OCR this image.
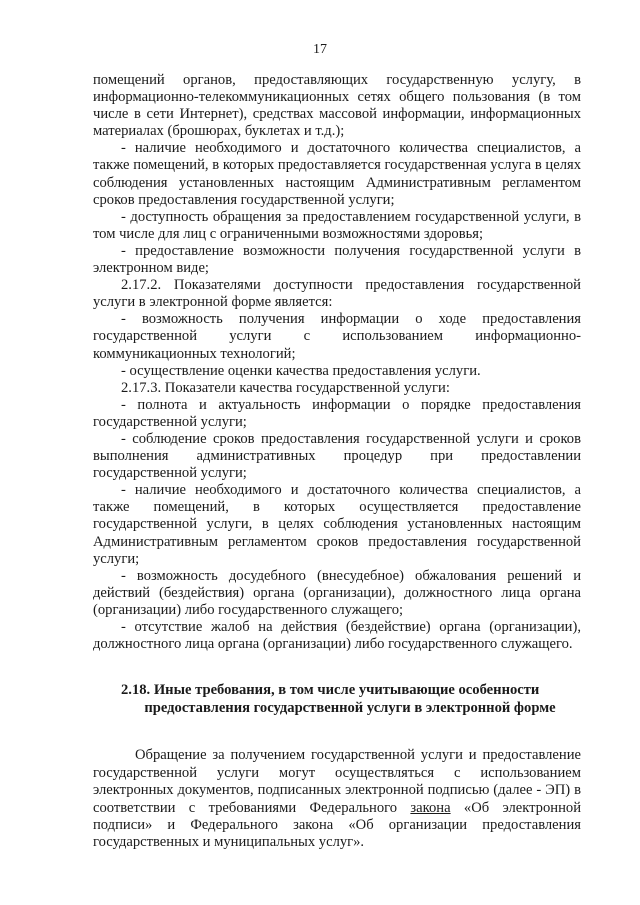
17

помещений органов, предоставляющих государственную услугу, в информационно-телекоммуникационных сетях общего пользования (в том числе в сети Интернет), средствах массовой информации, информационных материалах (брошюрах, буклетах и т.д.);

- наличие необходимого и достаточного количества специалистов, а также помещений, в которых предоставляется государственная услуга в целях соблюдения установленных настоящим Административным регламентом сроков предоставления государственной услуги;

- доступность обращения за предоставлением государственной услуги, в том числе для лиц с ограниченными возможностями здоровья;

- предоставление возможности получения государственной услуги в электронном виде;

2.17.2. Показателями доступности предоставления государственной услуги в электронной форме является:

- возможность получения информации о ходе предоставления государственной услуги с использованием информационно-коммуникационных технологий;

- осуществление оценки качества предоставления услуги.

2.17.3. Показатели качества государственной услуги:

- полнота и актуальность информации о порядке предоставления государственной услуги;

- соблюдение сроков предоставления государственной услуги и сроков выполнения административных процедур при предоставлении государственной услуги;

- наличие необходимого и достаточного количества специалистов, а также помещений, в которых осуществляется предоставление государственной услуги, в целях соблюдения установленных настоящим Административным регламентом сроков предоставления государственной услуги;

- возможность досудебного (внесудебное) обжалования решений и действий (бездействия) органа (организации), должностного лица органа (организации) либо государственного служащего;

- отсутствие жалоб на действия (бездействие) органа (организации), должностного лица органа (организации) либо государственного служащего.

2.18. Иные требования, в том числе учитывающие особенности
предоставления государственной услуги в электронной форме

Обращение за получением государственной услуги и предоставление государственной услуги могут осуществляться с использованием электронных документов, подписанных электронной подписью (далее - ЭП) в соответствии с требованиями Федерального закона «Об электронной подписи» и Федерального закона «Об организации предоставления государственных и муниципальных услуг».
